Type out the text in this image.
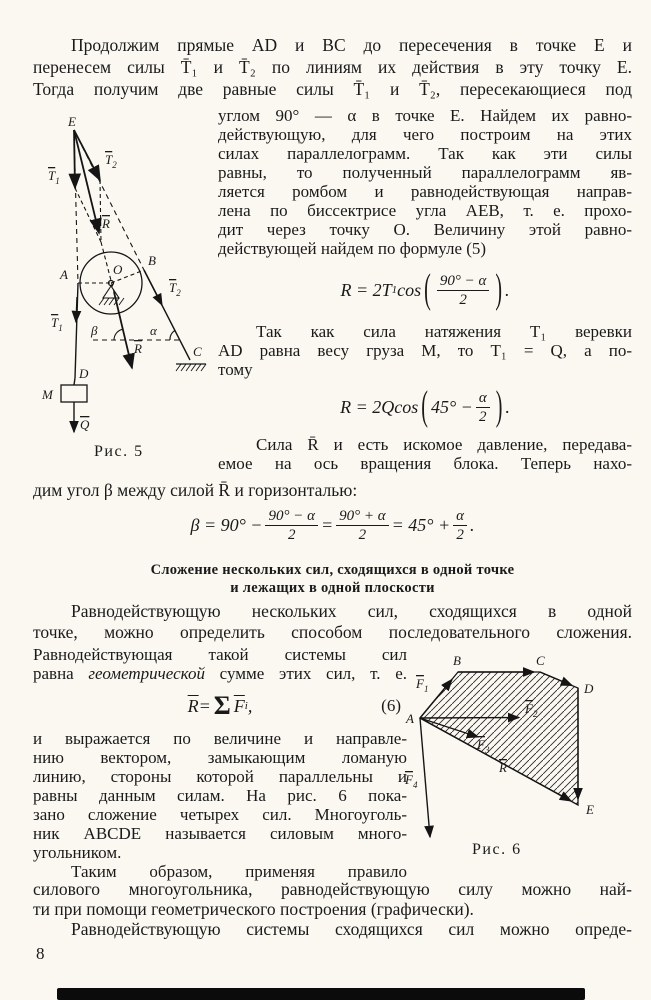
Продолжим прямые AD и BC до пересечения в точке E и
перенесем силы T̄₁ и T̄₂ по линиям их действия в эту точку E.
Тогда получим две равные силы T̄₁ и T̄₂, пересекающиеся под
E
$T_1$
$T_2$
R
A	O
B
$T_2$
$T_1$ β	α
R	C
D
M
Q
Рис. 5
углом 90° — α в точке E. Найдем их равно-
действующую, для чего построим на этих
силах параллелограмм. Так как эти силы
равны, то полученный параллелограмм яв-
ляется ромбом и равнодействующая направ-
лена по биссектрисе угла AEB, т. е. прохо-
дит через точку O. Величину этой равно-
действующей найдем по формуле (5)
R = 2T 1 cos ( $\frac{90^\circ - \alpha}{2}$ ) .
Так как сила натяжения T₁ веревки
AD равна весу груза M, то T₁ = Q, а по-
тому
R = 2Q cos ( $45^\circ - \frac{\alpha}{2}$ ) .
Сила R̄ и есть искомое давление, передава-
емое на ось вращения блока. Теперь нахо-
дим угол β между силой R̄ и горизонталью:
$\beta = 90^\circ - \frac{90^\circ - \alpha}{2} = \frac{90^\circ + \alpha}{2} = 45^\circ + \frac{\alpha}{2}$ .
Сложение нескольких сил, сходящихся в одной точке
и лежащих в одной плоскости
Равнодействующую нескольких сил, сходящихся в одной
точке, можно определить способом последовательного сложения.
Равнодействующая такой системы сил
равна геометрической сумме этих сил, т. е.
$\overline{R} = \Sigma$ $\overline{F}$ i ,	(6)
и выражается по величине и направле-
нию вектором, замыкающим ломаную
линию, стороны которой параллельны и
равны данным силам. На рис. 6 пока-
зано сложение четырех сил. Многоуголь-
ник ABCDE называется силовым много-
угольником.
Таким образом, применяя правило
A
B	C
D
E
$F_1$
$F_2$
$F_3$
$F_4$
R
Рис. 6
силового многоугольника, равнодействующую силу можно най-
ти при помощи геометрического построения (графически).
Равнодействующую системы сходящихся сил можно опреде-
8
